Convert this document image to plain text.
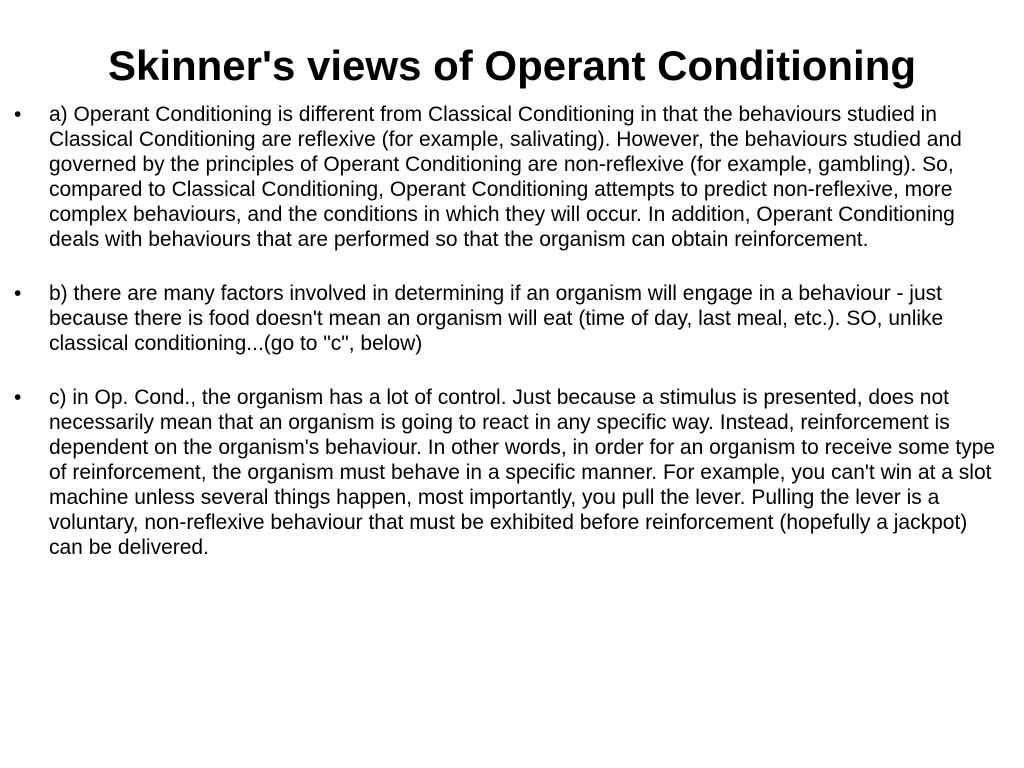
Skinner's views of Operant Conditioning
•	a) Operant Conditioning is different from Classical Conditioning in that the behaviours studied in Classical Conditioning are reflexive (for example, salivating). However, the behaviours studied and governed by the principles of Operant Conditioning are non-reflexive (for example, gambling). So, compared to Classical Conditioning, Operant Conditioning attempts to predict non-reflexive, more complex behaviours, and the conditions in which they will occur. In addition, Operant Conditioning deals with behaviours that are performed so that the organism can obtain reinforcement.
•	b) there are many factors involved in determining if an organism will engage in a behaviour - just because there is food doesn't mean an organism will eat (time of day, last meal, etc.). SO, unlike classical conditioning...(go to "c", below)
•	c) in Op. Cond., the organism has a lot of control. Just because a stimulus is presented, does not necessarily mean that an organism is going to react in any specific way. Instead, reinforcement is dependent on the organism's behaviour. In other words, in order for an organism to receive some type of reinforcement, the organism must behave in a specific manner. For example, you can't win at a slot machine unless several things happen, most importantly, you pull the lever. Pulling the lever is a voluntary, non-reflexive behaviour that must be exhibited before reinforcement (hopefully a jackpot) can be delivered.
